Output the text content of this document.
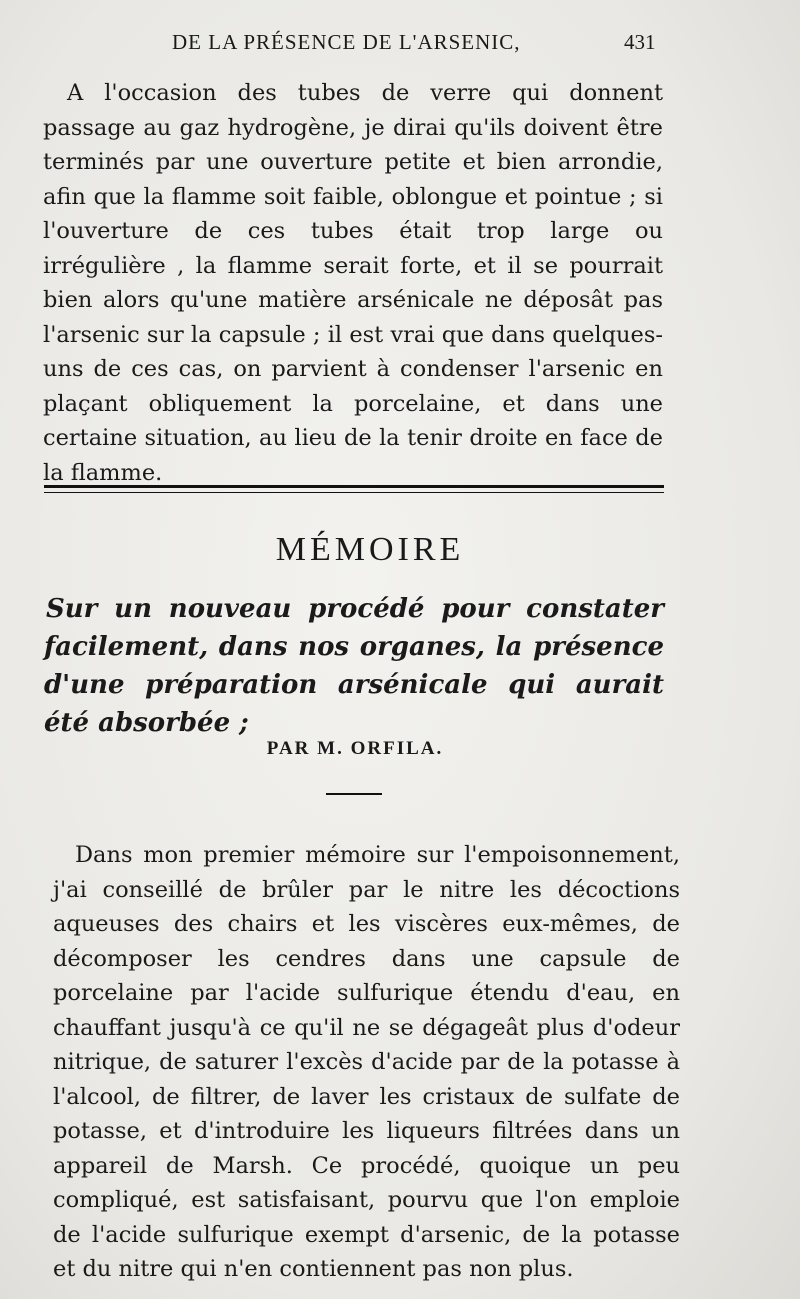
DE LA PRÉSENCE DE L'ARSENIC,	431

A l'occasion des tubes de verre qui donnent passage au gaz hydrogène, je dirai qu'ils doivent être terminés par une ouverture petite et bien arrondie, afin que la flamme soit faible, oblongue et pointue ; si l'ouverture de ces tubes était trop large ou irrégulière , la flamme serait forte, et il se pourrait bien alors qu'une matière arsénicale ne déposât pas l'arsenic sur la capsule ; il est vrai que dans quelques-uns de ces cas, on parvient à condenser l'arsenic en plaçant obliquement la porcelaine, et dans une certaine situation, au lieu de la tenir droite en face de la flamme.

MÉMOIRE
Sur un nouveau procédé pour constater facilement, dans nos organes, la présence d'une préparation arsénicale qui aurait été absorbée ;
PAR M. ORFILA.

Dans mon premier mémoire sur l'empoisonnement, j'ai conseillé de brûler par le nitre les décoctions aqueuses des chairs et les viscères eux-mêmes, de décomposer les cendres dans une capsule de porcelaine par l'acide sulfurique étendu d'eau, en chauffant jusqu'à ce qu'il ne se dégageât plus d'odeur nitrique, de saturer l'excès d'acide par de la potasse à l'alcool, de filtrer, de laver les cristaux de sulfate de potasse, et d'introduire les liqueurs filtrées dans un appareil de Marsh. Ce procédé, quoique un peu compliqué, est satisfaisant, pourvu que l'on emploie de l'acide sulfurique exempt d'arsenic, de la potasse et du nitre qui n'en contiennent pas non plus.
